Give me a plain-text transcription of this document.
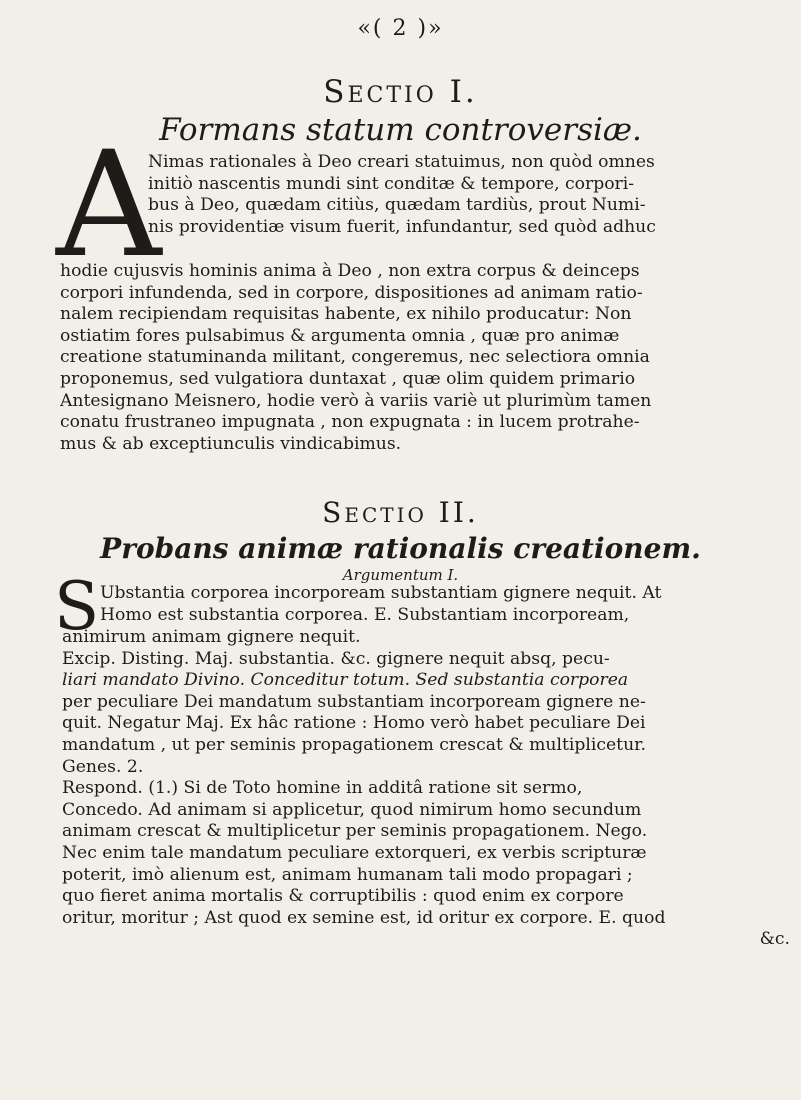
«( 2 )»
Sectio I.
Formans statum controversiæ.
A
Nimas rationales à Deo creari statuimus, non quòd omnes
initiò nascentis mundi sint conditæ & tempore, corpori-
bus à Deo, quædam citiùs, quædam tardiùs, prout Numi-
nis providentiæ visum fuerit, infundantur, sed quòd adhuc
hodie cujusvis hominis anima à Deo , non extra corpus & deinceps
corpori infundenda, sed in corpore, dispositiones ad animam ratio-
nalem recipiendam requisitas habente, ex nihilo producatur: Non
ostiatim fores pulsabimus & argumenta omnia , quæ pro animæ
creatione statuminanda militant, congeremus, nec selectiora omnia
proponemus, sed vulgatiora duntaxat , quæ olim quidem primario
Antesignano Meisnero, hodie verò à variis variè ut plurimùm tamen
conatu frustraneo impugnata , non expugnata : in lucem protrahe-
mus & ab exceptiunculis vindicabimus.
Sectio II.
Probans animæ rationalis creationem.
Argumentum I.
S Ubstantia corporea incorpoream substantiam gignere nequit. At
Homo est substantia corporea. E. Substantiam incorpoream,
animirum animam gignere nequit.
Excip. Disting. Maj. substantia. &c. gignere nequit absq, pecu-
liari mandato Divino. Conceditur totum. Sed substantia corporea
per peculiare Dei mandatum substantiam incorpoream gignere ne-
quit. Negatur Maj. Ex hâc ratione : Homo verò habet peculiare Dei
mandatum , ut per seminis propagationem crescat & multiplicetur.
Genes. 2.
Respond. (1.) Si de Toto homine in additâ ratione sit sermo,
Concedo. Ad animam si applicetur, quod nimirum homo secundum
animam crescat & multiplicetur per seminis propagationem. Nego.
Nec enim tale mandatum peculiare extorqueri, ex verbis scripturæ
poterit, imò alienum est, animam humanam tali modo propagari ;
quo fieret anima mortalis & corruptibilis : quod enim ex corpore
oritur, moritur ; Ast quod ex semine est, id oritur ex corpore. E. quod
&c.
